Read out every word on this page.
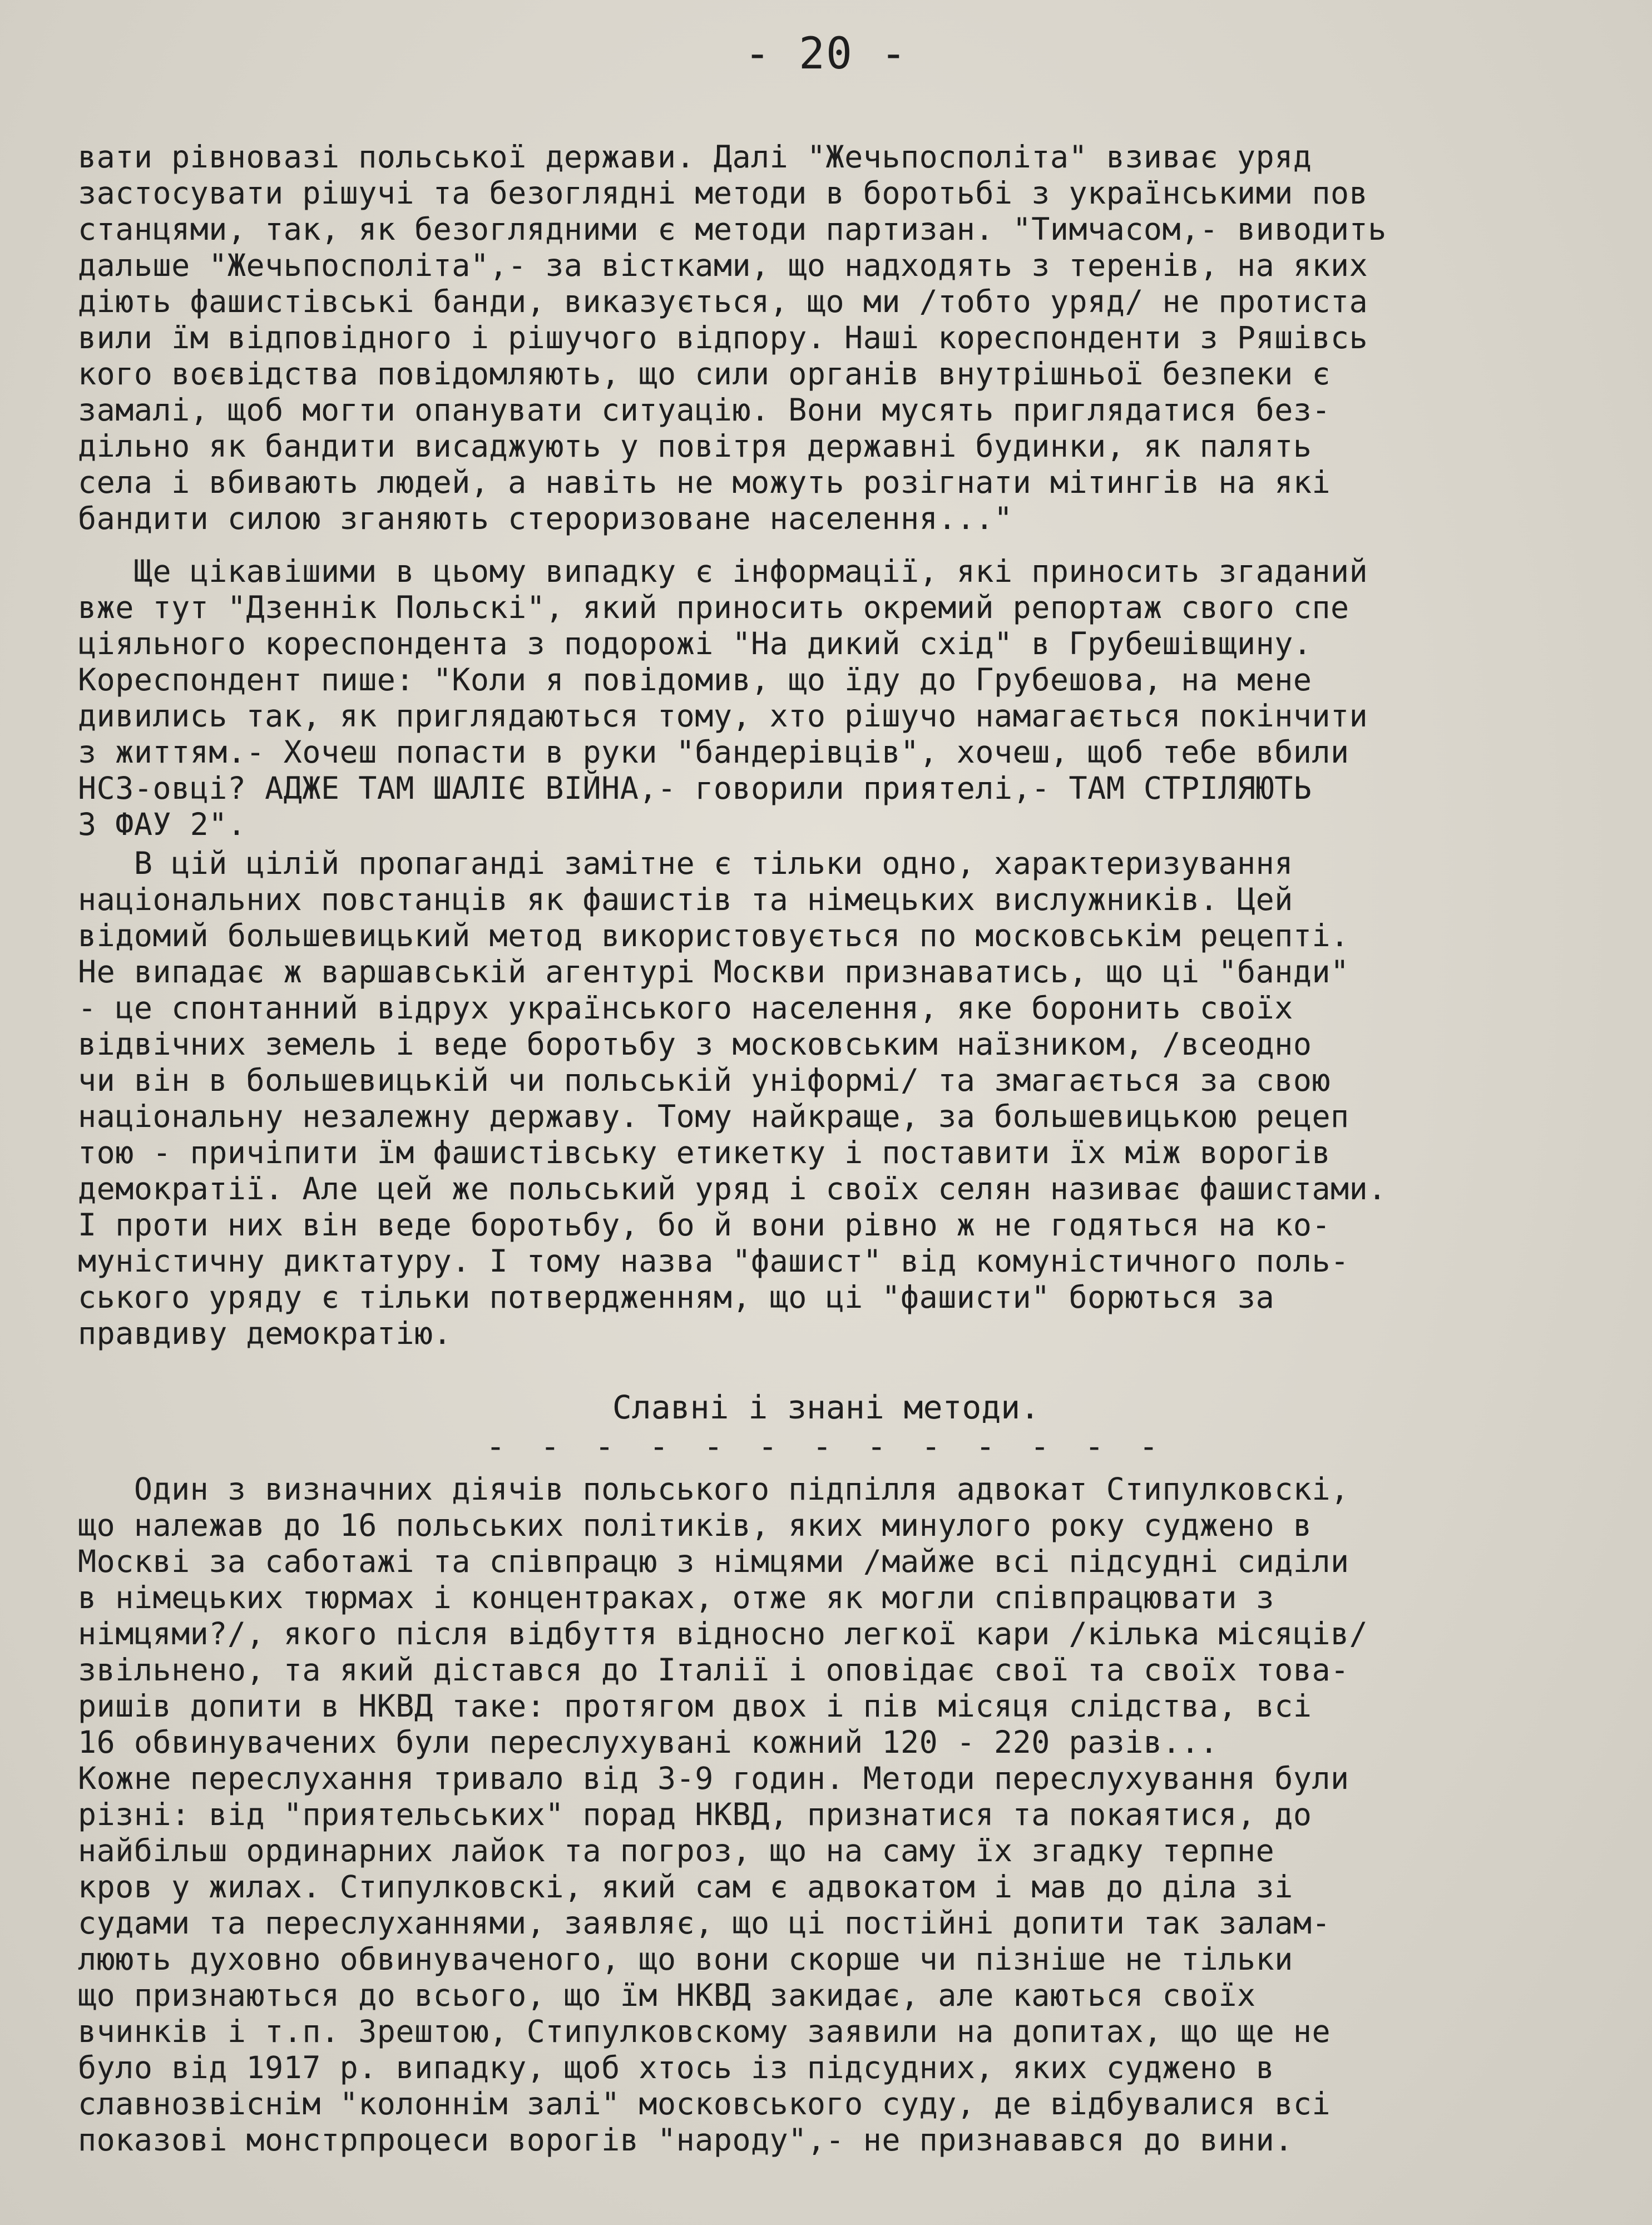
- 20 -
вати рівновазі польської держави. Далі "Жечьпосполіта" взиває уряд
застосувати рішучі та безоглядні методи в боротьбі з українськими пов
станцями, так, як безоглядними є методи партизан. "Тимчасом,- виводить
дальше "Жечьпосполіта",- за вістками, що надходять з теренів, на яких
діють фашистівські банди, виказується, що ми /тобто уряд/ не протиста
вили їм відповідного і рішучого відпору. Наші кореспонденти з Ряшівсь
кого воєвідства повідомляють, що сили органів внутрішньої безпеки є
замалі, щоб могти опанувати ситуацію. Вони мусять приглядатися без-
дільно як бандити висаджують у повітря державні будинки, як палять
села і вбивають людей, а навіть не можуть розігнати мітингів на які
бандити силою зганяють стероризоване населення..."
Ще цікавішими в цьому випадку є інформації, які приносить згаданий
вже тут "Дзеннік Польскі", який приносить окремий репортаж свого спе
ціяльного кореспондента з подорожі "На дикий схід" в Грубешівщину.
Кореспондент пише: "Коли я повідомив, що їду до Грубешова, на мене
дивились так, як приглядаються тому, хто рішучо намагається покінчити
з життям.- Хочеш попасти в руки "бандерівців", хочеш, щоб тебе вбили
НСЗ-овці? АДЖЕ ТАМ ШАЛІЄ ВІЙНА,- говорили приятелі,- ТАМ СТРІЛЯЮТЬ
З ФАУ 2".
В цій цілій пропаганді замітне є тільки одно, характеризування
національних повстанців як фашистів та німецьких вислужників. Цей
відомий большевицький метод використовується по московськім рецепті.
Не випадає ж варшавській агентурі Москви признаватись, що ці "банди"
- це спонтанний відрух українського населення, яке боронить своїх
відвічних земель і веде боротьбу з московським наїзником, /всеодно
чи він в большевицькій чи польській уніформі/ та змагається за свою
національну незалежну державу. Тому найкраще, за большевицькою рецеп
тою - причіпити їм фашистівську етикетку і поставити їх між ворогів
демократії. Але цей же польський уряд і своїх селян називає фашистами.
І проти них він веде боротьбу, бо й вони рівно ж не годяться на ко-
муністичну диктатуру. І тому назва "фашист" від комуністичного поль-
ського уряду є тільки потвердженням, що ці "фашисти" борються за
правдиву демократію.
Славні і знані методи.
- - - - - - - - - - - - -
Один з визначних діячів польського підпілля адвокат Стипулковскі,
що належав до 16 польських політиків, яких минулого року суджено в
Москві за саботажі та співпрацю з німцями /майже всі підсудні сиділи
в німецьких тюрмах і концентраках, отже як могли співпрацювати з
німцями?/, якого після відбуття відносно легкої кари /кілька місяців/
звільнено, та який дістався до Італії і оповідає свої та своїх това-
ришів допити в НКВД таке: протягом двох і пів місяця слідства, всі
16 обвинувачених були переслухувані кожний 120 - 220 разів...
Кожне переслухання тривало від 3-9 годин. Методи переслухування були
різні: від "приятельських" порад НКВД, признатися та покаятися, до
найбільш ординарних лайок та погроз, що на саму їх згадку терпне
кров у жилах. Стипулковскі, який сам є адвокатом і мав до діла зі
судами та переслуханнями, заявляє, що ці постійні допити так залам-
люють духовно обвинуваченого, що вони скорше чи пізніше не тільки
що признаються до всього, що їм НКВД закидає, але каються своїх
вчинків і т.п. Зрештою, Стипулковскому заявили на допитах, що ще не
було від 1917 р. випадку, щоб хтось із підсудних, яких суджено в
славнозвіснім "колоннім залі" московського суду, де відбувалися всі
показові монстрпроцеси ворогів "народу",- не признавався до вини.
